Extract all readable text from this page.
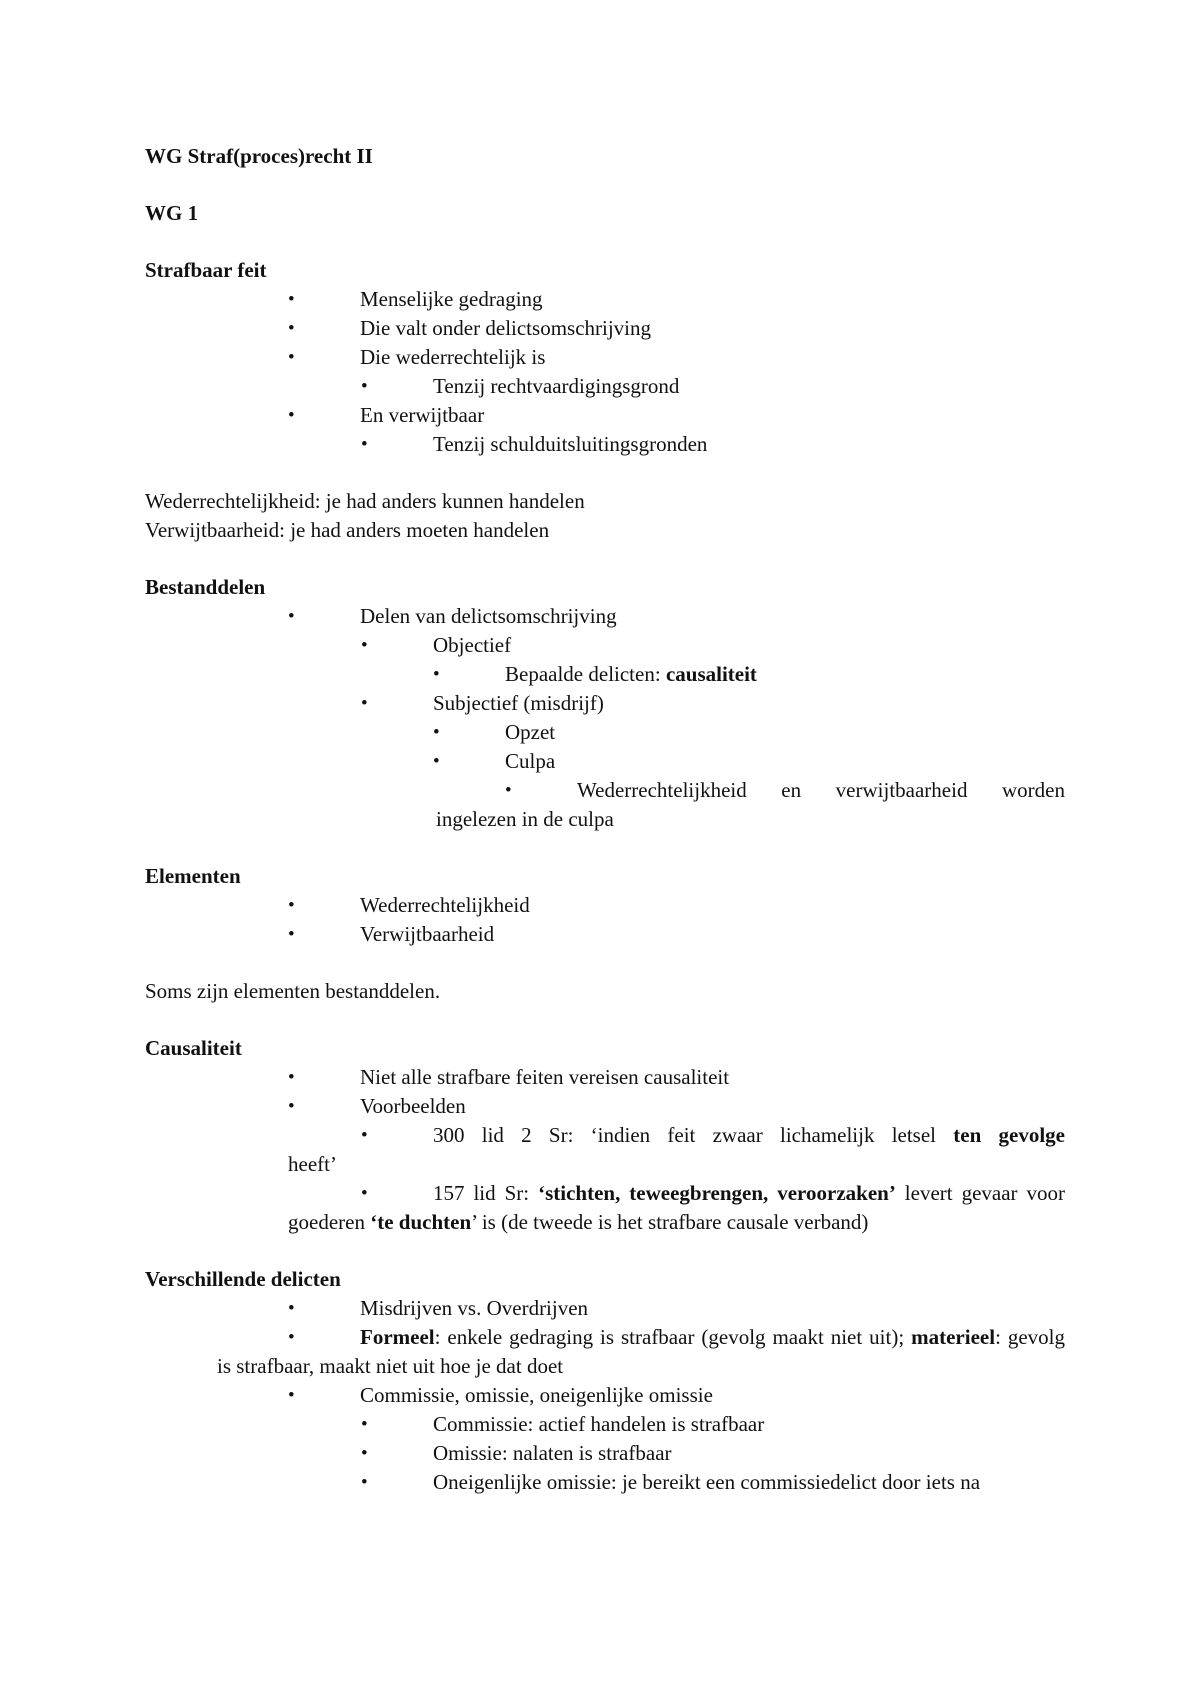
WG Straf(proces)recht II
WG 1
Strafbaar feit
•	Menselijke gedraging
•	Die valt onder delictsomschrijving
•	Die wederrechtelijk is
•	Tenzij rechtvaardigingsgrond
•	En verwijtbaar
•	Tenzij schulduitsluitingsgronden
Wederrechtelijkheid: je had anders kunnen handelen
Verwijtbaarheid: je had anders moeten handelen
Bestanddelen
•	Delen van delictsomschrijving
•	Objectief
•	Bepaalde delicten: causaliteit
•	Subjectief (misdrijf)
•	Opzet
•	Culpa
•	Wederrechtelijkheid en verwijtbaarheid worden
ingelezen in de culpa
Elementen
•	Wederrechtelijkheid
•	Verwijtbaarheid
Soms zijn elementen bestanddelen.
Causaliteit
•	Niet alle strafbare feiten vereisen causaliteit
•	Voorbeelden
•	300 lid 2 Sr: ‘indien feit zwaar lichamelijk letsel ten gevolge
heeft’
•	157 lid Sr: ‘stichten, teweegbrengen, veroorzaken’ levert gevaar voor goederen ‘te duchten’ is (de tweede is het strafbare causale verband)
Verschillende delicten
•	Misdrijven vs. Overdrijven
•	Formeel: enkele gedraging is strafbaar (gevolg maakt niet uit); materieel: gevolg is strafbaar, maakt niet uit hoe je dat doet
•	Commissie, omissie, oneigenlijke omissie
•	Commissie: actief handelen is strafbaar
•	Omissie: nalaten is strafbaar
•	Oneigenlijke omissie: je bereikt een commissiedelict door iets na
